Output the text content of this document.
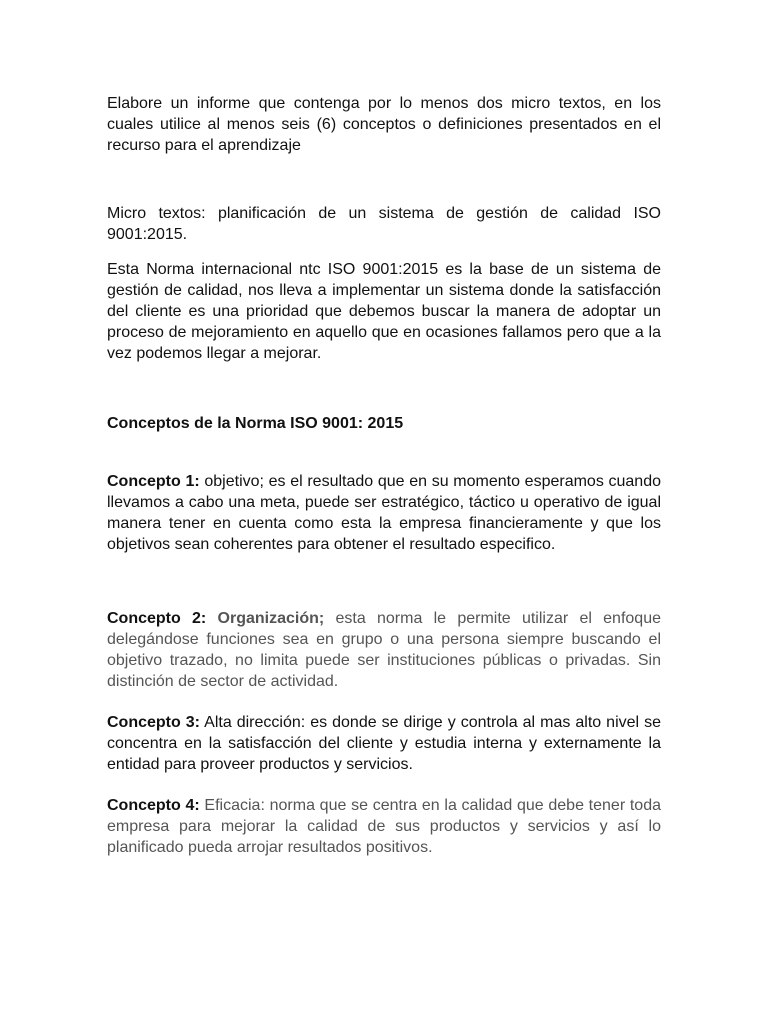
Elabore un informe que contenga por lo menos dos micro textos, en los cuales utilice al menos seis (6) conceptos o definiciones presentados en el recurso para el aprendizaje

Micro textos: planificación de un sistema de gestión de calidad ISO 9001:2015.

Esta Norma internacional ntc ISO 9001:2015 es la base de un sistema de gestión de calidad, nos lleva a implementar un sistema donde la satisfacción del cliente es una prioridad que debemos buscar la manera de adoptar un proceso de mejoramiento en aquello que en ocasiones fallamos pero que a la vez podemos llegar a mejorar.

Conceptos de la Norma ISO 9001: 2015

Concepto 1: objetivo; es el resultado que en su momento esperamos cuando llevamos a cabo una meta, puede ser estratégico, táctico u operativo de igual manera tener en cuenta como esta la empresa financieramente y que los objetivos sean coherentes para obtener el resultado especifico.

Concepto 2: Organización; esta norma le permite utilizar el enfoque delegándose funciones sea en grupo o una persona siempre buscando el objetivo trazado, no limita puede ser instituciones públicas o privadas. Sin distinción de sector de actividad.

Concepto 3: Alta dirección: es donde se dirige y controla al mas alto nivel se concentra en la satisfacción del cliente y estudia interna y externamente la entidad para proveer productos y servicios.

Concepto 4: Eficacia: norma que se centra en la calidad que debe tener toda empresa para mejorar la calidad de sus productos y servicios y así lo planificado pueda arrojar resultados positivos.
